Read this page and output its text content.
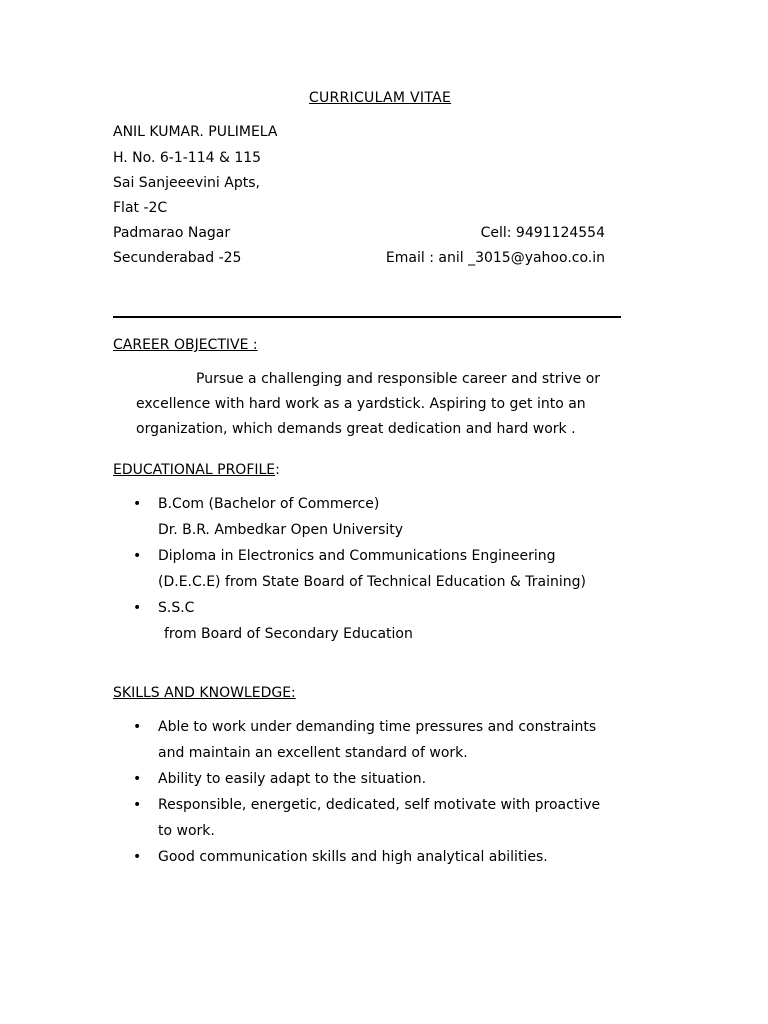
CURRICULAM VITAE
ANIL KUMAR. PULIMELA
H. No. 6-1-114 & 115
Sai Sanjeeevini Apts,
Flat -2C
Padmarao Nagar	Cell: 9491124554
Secunderabad -25	Email : anil _3015@yahoo.co.in
CAREER OBJECTIVE :
Pursue a challenging and responsible career and strive or
excellence with hard work as a yardstick. Aspiring to get into an
organization, which demands great dedication and hard work .
EDUCATIONAL PROFILE:
• B.Com (Bachelor of Commerce)
Dr. B.R. Ambedkar Open University
• Diploma in Electronics and Communications Engineering
(D.E.C.E) from State Board of Technical Education & Training)
• S.S.C
from Board of Secondary Education
SKILLS AND KNOWLEDGE:
• Able to work under demanding time pressures and constraints
and maintain an excellent standard of work.
• Ability to easily adapt to the situation.
• Responsible, energetic, dedicated, self motivate with proactive
to work.
• Good communication skills and high analytical abilities.
